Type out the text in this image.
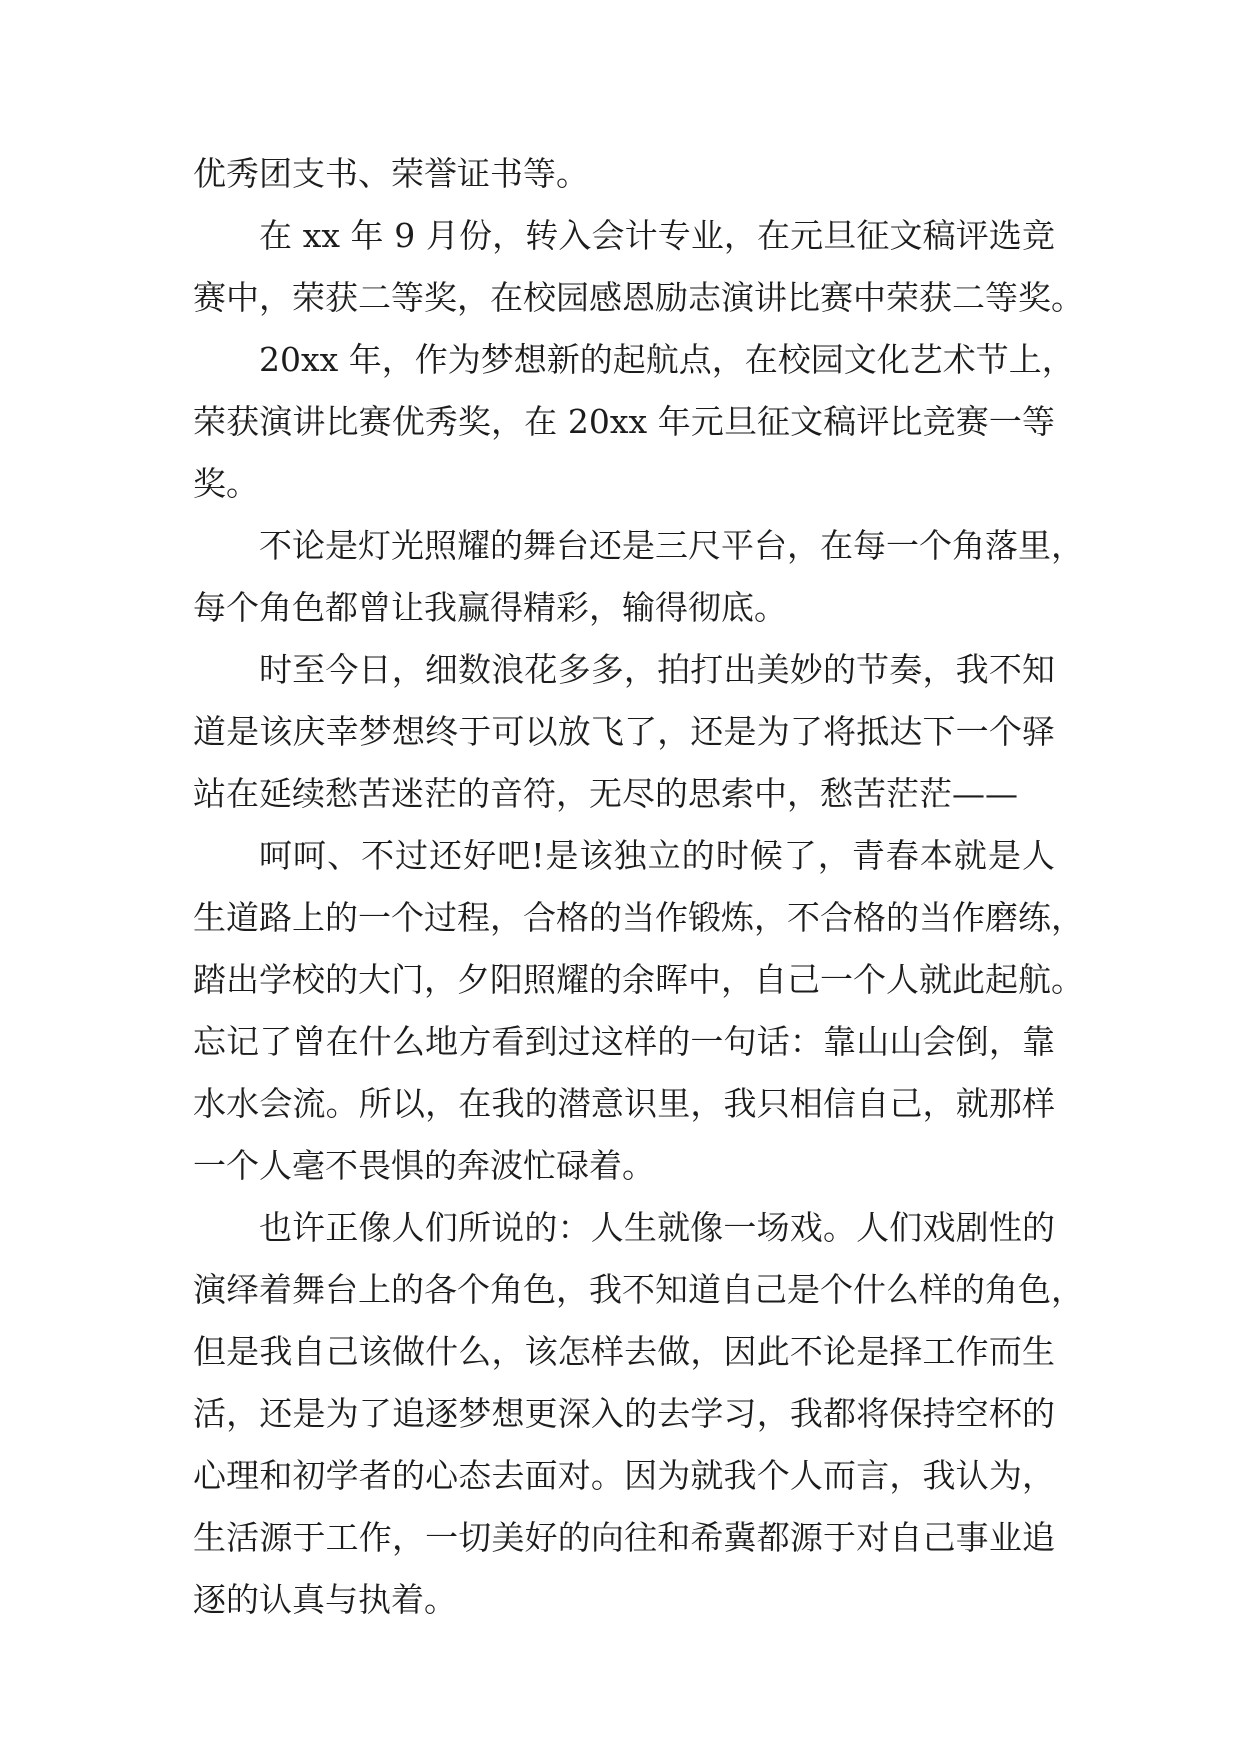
优秀团支书、荣誉证书等。
在 xx 年 9 月份，转入会计专业，在元旦征文稿评选竞
赛中，荣获二等奖，在校园感恩励志演讲比赛中荣获二等奖。
20xx 年，作为梦想新的起航点，在校园文化艺术节上，
荣获演讲比赛优秀奖，在 20xx 年元旦征文稿评比竞赛一等
奖。
不论是灯光照耀的舞台还是三尺平台，在每一个角落里，
每个角色都曾让我赢得精彩，输得彻底。
时至今日，细数浪花多多，拍打出美妙的节奏，我不知
道是该庆幸梦想终于可以放飞了，还是为了将抵达下一个驿
站在延续愁苦迷茫的音符，无尽的思索中，愁苦茫茫——
呵呵、不过还好吧!是该独立的时候了，青春本就是人
生道路上的一个过程，合格的当作锻炼，不合格的当作磨练，
踏出学校的大门，夕阳照耀的余晖中，自己一个人就此起航。
忘记了曾在什么地方看到过这样的一句话：靠山山会倒，靠
水水会流。所以，在我的潜意识里，我只相信自己，就那样
一个人毫不畏惧的奔波忙碌着。
也许正像人们所说的：人生就像一场戏。人们戏剧性的
演绎着舞台上的各个角色，我不知道自己是个什么样的角色，
但是我自己该做什么，该怎样去做，因此不论是择工作而生
活，还是为了追逐梦想更深入的去学习，我都将保持空杯的
心理和初学者的心态去面对。因为就我个人而言，我认为，
生活源于工作，一切美好的向往和希冀都源于对自己事业追
逐的认真与执着。
